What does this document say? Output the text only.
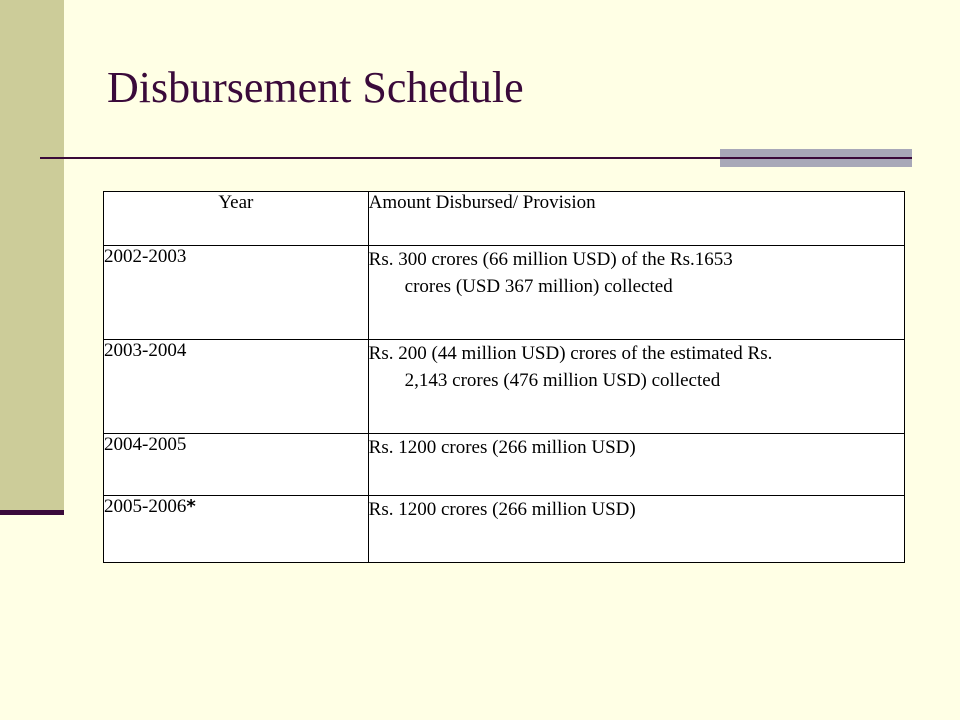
Disbursement Schedule
Year	Amount Disbursed/ Provision
2002-2003	Rs. 300 crores (66 million USD) of the Rs.1653
crores (USD 367 million) collected

2003-2004	Rs. 200 (44 million USD) crores of the estimated Rs.
2,143 crores (476 million USD) collected

2004-2005	Rs. 1200 crores (266 million USD)
2005-2006*	Rs. 1200 crores (266 million USD)
